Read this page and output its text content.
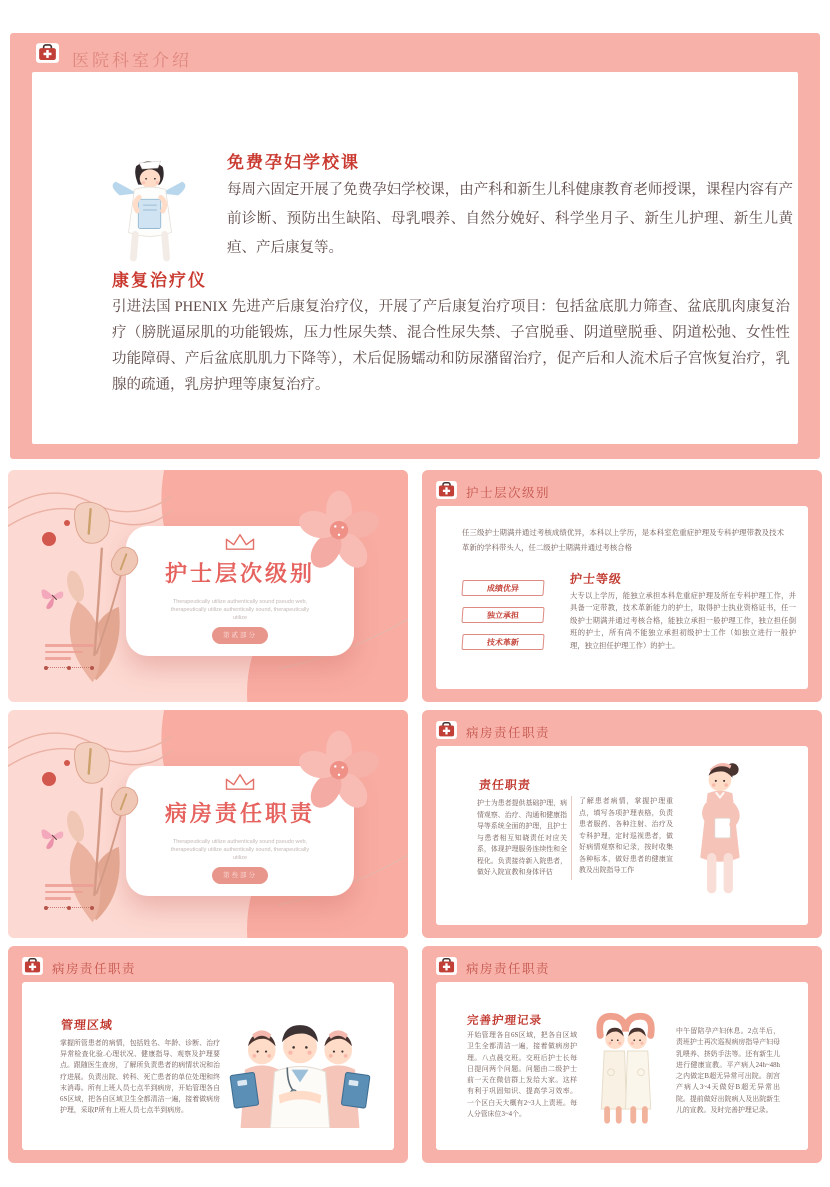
医院科室介绍
免费孕妇学校课
每周六固定开展了免费孕妇学校课，由产科和新生儿科健康教育老师授课，课程内容有产前诊断、预防出生缺陷、母乳喂养、自然分娩好、科学坐月子、新生儿护理、新生儿黄疸、产后康复等。
康复治疗仪
引进法国 PHENIX 先进产后康复治疗仪，开展了产后康复治疗项目：包括盆底肌力筛查、盆底肌肉康复治疗（膀胱逼尿肌的功能锻炼，压力性尿失禁、混合性尿失禁、子宫脱垂、阴道壁脱垂、阴道松弛、女性性功能障碍、产后盆底肌肌力下降等），术后促肠蠕动和防尿潴留治疗，促产后和人流术后子宫恢复治疗，乳腺的疏通，乳房护理等康复治疗。
护士层次级别
Therapeutically utilize authentically sound pseudo web, therapeutically utilize authentically sound, therapeutically utilize
第贰部分
护士层次级别
任三级护士期满并通过考核成绩优异，本科以上学历，是本科室危重症护理及专科护理带教及技术革新的学科带头人，任二级护士期满并通过考核合格
成绩优异
独立承担
技术革新
护士等级
大专以上学历，能独立承担本科危重症护理及所在专科护理工作，并具备一定带教，技术革新能力的护士，取得护士执业资格证书，任一级护士期满并通过考核合格，能独立承担一般护理工作，独立担任倒班的护士，所有尚不能独立承担初级护士工作（如独立进行一般护理，独立担任护理工作）的护士。
病房责任职责
Therapeutically utilize authentically sound pseudo web, therapeutically utilize authentically sound, therapeutically utilize
第叁部分
病房责任职责
责任职责
护士为患者提供基础护理，病情观察、治疗、沟通和健康指导等系统全面的护理，且护士与患者相互知晓责任对应关系，体现护理服务连续性和全程化。负责接待新入院患者，做好入院宣教和身体评估
了解患者病情，掌握护理重点，填写各项护理表格，负责患者服药、各种注射、治疗及专科护理，定时巡视患者，做好病情观察和记录，按时收集各种标本，做好患者的健康宣教及出院指导工作
病房责任职责
管理区域
掌握所管患者的病情，包括姓名、年龄、诊断、治疗异常检查化验.心理状况、健康指导、观察及护理要点。跟随医生查房，了解所负责患者的病情状况和治疗进展。负责出院、转科、死亡患者的单位处理和终末消毒。所有上班人员七点半到病房，开始管理各自6S区域，把各自区域卫生全都清洁一遍，接着做病房护理，采取P所有上班人员七点半到病房。
病房责任职责
完善护理记录
开始管理各自6S区域，把各自区域卫生全都清洁一遍，接着做病房护理。八点晨交班。交班后护士长每日提问两个问题。问题由二级护士前一天在微信群上发给大家。这样有利于巩固知识、提高学习效率。一个区白天大概有2~3人上责班。每人分管床位3~4个。
中午留陪孕产妇休息。2点半后，责班护士再次巡视病房指导产妇母乳喂养、挤奶手法等。还有新生儿进行健康宣教。平产病人24h~48h之内做定B超无异常可出院。剖宫产病人3~4天做好B超无异常出院。提前做好出院病人及出院新生儿的宣教。及时完善护理记录。
